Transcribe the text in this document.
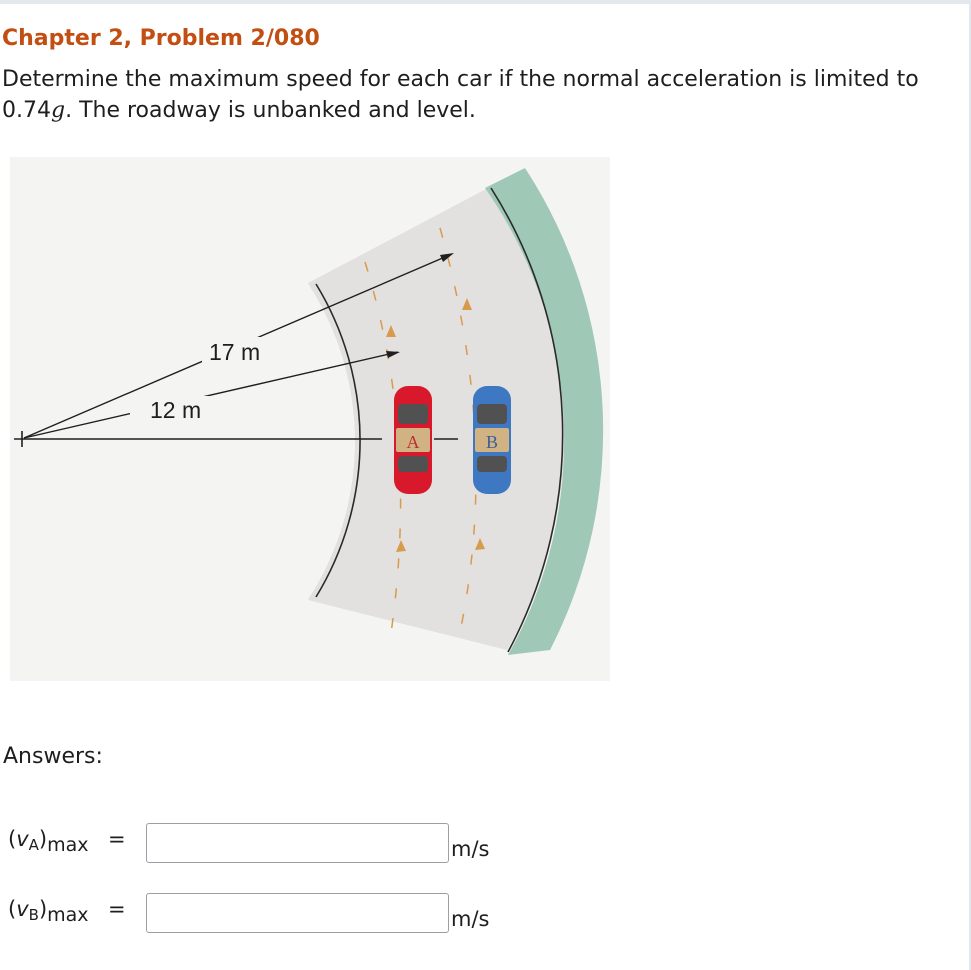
Chapter 2, Problem 2/080
Determine the maximum speed for each car if the normal acceleration is limited to 0.74g. The roadway is unbanked and level.
17 m
12 m
A	B
Answers:
$(v_A)_{max}$ =	m/s
$(v_B)_{max}$ =	m/s
